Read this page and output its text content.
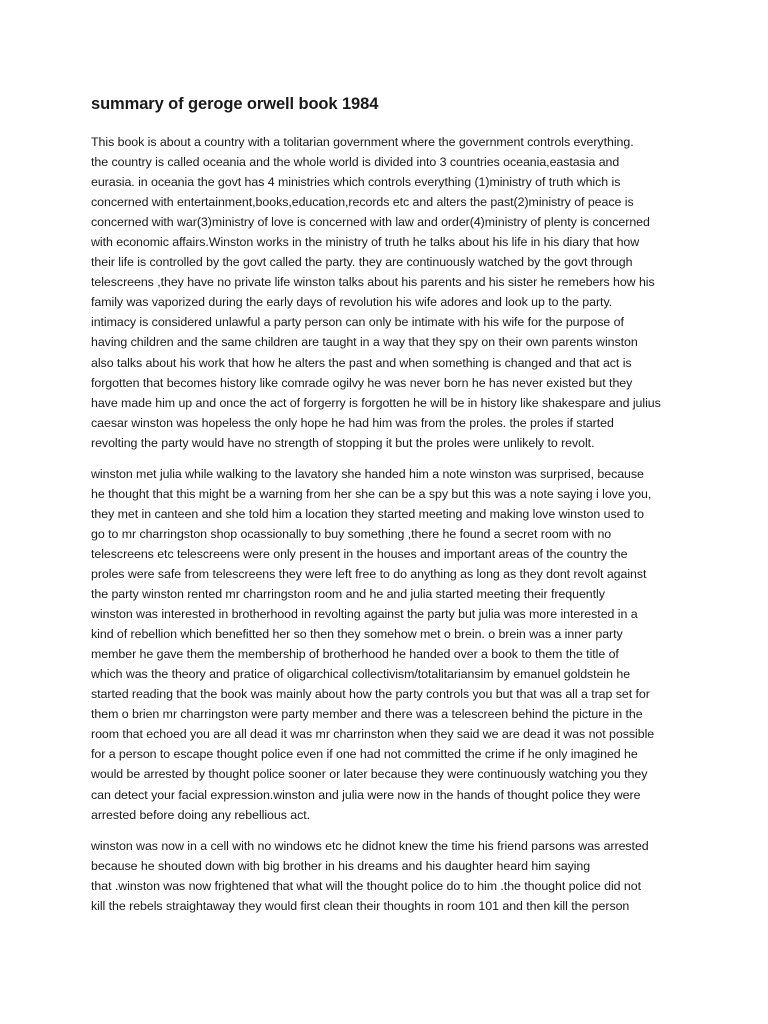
summary of geroge orwell book 1984

This book is about a country with a tolitarian government where the government controls everything.
the country is called oceania and the whole world is divided into 3 countries oceania,eastasia and
eurasia. in oceania the govt has 4 ministries which controls everything (1)ministry of truth which is
concerned with entertainment,books,education,records etc and alters the past(2)ministry of peace is
concerned with war(3)ministry of love is concerned with law and order(4)ministry of plenty is concerned
with economic affairs.Winston works in the ministry of truth he talks about his life in his diary that how
their life is controlled by the govt called the party. they are continuously watched by the govt through
telescreens ,they have no private life winston talks about his parents and his sister he remebers how his
family was vaporized during the early days of revolution his wife adores and look up to the party.
intimacy is considered unlawful a party person can only be intimate with his wife for the purpose of
having children and the same children are taught in a way that they spy on their own parents winston
also talks about his work that how he alters the past and when something is changed and that act is
forgotten that becomes history like comrade ogilvy he was never born he has never existed but they
have made him up and once the act of forgerry is forgotten he will be in history like shakespare and julius
caesar winston was hopeless the only hope he had him was from the proles. the proles if started
revolting the party would have no strength of stopping it but the proles were unlikely to revolt.

winston met julia while walking to the lavatory she handed him a note winston was surprised, because
he thought that this might be a warning from her she can be a spy but this was a note saying i love you,
they met in canteen and she told him a location they started meeting and making love winston used to
go to mr charringston shop ocassionally to buy something ,there he found a secret room with no
telescreens etc telescreens were only present in the houses and important areas of the country the
proles were safe from telescreens they were left free to do anything as long as they dont revolt against
the party winston rented mr charringston room and he and julia started meeting their frequently
winston was interested in brotherhood in revolting against the party but julia was more interested in a
kind of rebellion which benefitted her so then they somehow met o brein. o brein was a inner party
member he gave them the membership of brotherhood he handed over a book to them the title of
which was the theory and pratice of oligarchical collectivism/totalitariansim by emanuel goldstein he
started reading that the book was mainly about how the party controls you but that was all a trap set for
them o brien mr charringston were party member and there was a telescreen behind the picture in the
room that echoed you are all dead it was mr charrinston when they said we are dead it was not possible
for a person to escape thought police even if one had not committed the crime if he only imagined he
would be arrested by thought police sooner or later because they were continuously watching you they
can detect your facial expression.winston and julia were now in the hands of thought police they were
arrested before doing any rebellious act.

winston was now in a cell with no windows etc he didnot knew the time his friend parsons was arrested
because he shouted down with big brother in his dreams and his daughter heard him saying
that .winston was now frightened that what will the thought police do to him .the thought police did not
kill the rebels straightaway they would first clean their thoughts in room 101 and then kill the person
